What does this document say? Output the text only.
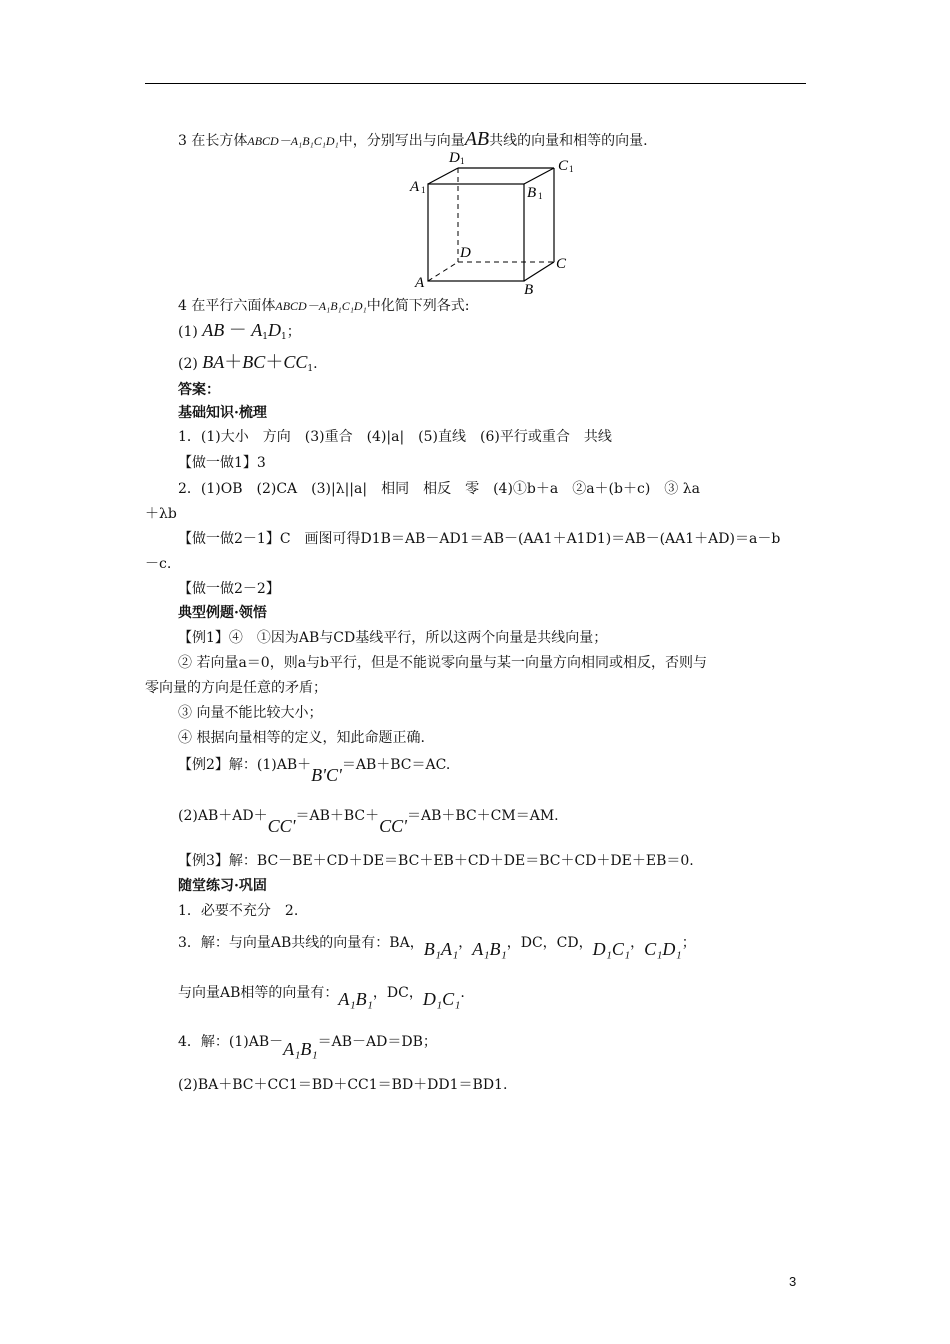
3 在长方体ABCD－A₁B₁C₁D₁中，分别写出与向量AB共线的向量和相等的向量.
D 1	C 1
A 1	B 1
D
C
A	B
4 在平行六面体ABCD－A₁B₁C₁D₁中化简下列各式:
(1) AB － $A_1D_1$；
(2) $BA+BC+CC_1$.
答案：
基础知识·梳理
1．(1)大小　方向　(3)重合　(4)|a|　(5)直线　(6)平行或重合　共线
【做一做1】3
2．(1)OB　(2)CA　(3)|λ||a|　相同　相反　零　(4)①b＋a　②a＋(b＋c)　③ λa
＋λb
【做一做2－1】C　画图可得D1B＝AB－AD1＝AB－(AA1＋A1D1)＝AB－(AA1＋AD)＝a－b
－c.
【做一做2－2】
典型例题·领悟
【例1】④　①因为AB与CD基线平行，所以这两个向量是共线向量；
② 若向量a＝0，则a与b平行，但是不能说零向量与某一向量方向相同或相反，否则与
零向量的方向是任意的矛盾；
③ 向量不能比较大小；
④ 根据向量相等的定义，知此命题正确.
【例2】解：(1)AB＋B'C'＝AB＋BC＝AC.
(2)AB＋AD＋CC'＝AB＋BC＋CC'＝AB＋BC＋CM＝AM.
【例3】解：BC－BE＋CD＋DE＝BC＋EB＋CD＋DE＝BC＋CD＋DE＋EB＝0.
随堂练习·巩固
1．必要不充分　2.
3．解：与向量AB共线的向量有：BA，B₁A₁，A₁B₁，DC，CD，D₁C₁，C₁D₁；
与向量AB相等的向量有：A₁B₁，DC，D₁C₁.
4．解：(1)AB－A₁B₁＝AB－AD＝DB；
(2)BA＋BC＋CC1＝BD＋CC1＝BD＋DD1＝BD1.
3
